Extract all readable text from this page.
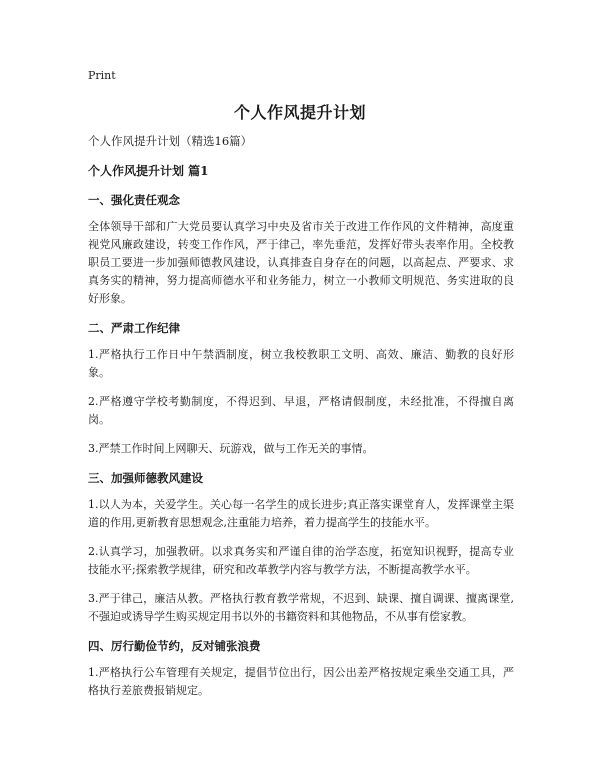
Print
个人作风提升计划

个人作风提升计划（精选16篇）

个人作风提升计划 篇1

一、强化责任观念

全体领导干部和广大党员要认真学习中央及省市关于改进工作作风的文件精神，高度重视党风廉政建设，转变工作作风，严于律己，率先垂范，发挥好带头表率作用。全校教职员工要进一步加强师德教风建设，认真排查自身存在的问题，以高起点、严要求、求真务实的精神，努力提高师德水平和业务能力，树立一小教师文明规范、务实进取的良好形象。

二、严肃工作纪律

1.严格执行工作日中午禁酒制度，树立我校教职工文明、高效、廉洁、勤教的良好形象。

2.严格遵守学校考勤制度，不得迟到、早退，严格请假制度，未经批准，不得擅自离岗。

3.严禁工作时间上网聊天、玩游戏，做与工作无关的事情。

三、加强师德教风建设

1.以人为本，关爱学生。关心每一名学生的成长进步;真正落实课堂育人，发挥课堂主渠道的作用,更新教育思想观念,注重能力培养，着力提高学生的技能水平。

2.认真学习，加强教研。以求真务实和严谨自律的治学态度，拓宽知识视野，提高专业技能水平;探索教学规律，研究和改革教学内容与教学方法，不断提高教学水平。

3.严于律己，廉洁从教。严格执行教育教学常规，不迟到、缺课、擅自调课、擅离课堂,不强迫或诱导学生购买规定用书以外的书籍资料和其他物品，不从事有偿家教。

四、厉行勤俭节约，反对铺张浪费

1.严格执行公车管理有关规定，提倡节位出行，因公出差严格按规定乘坐交通工具，严格执行差旅费报销规定。
